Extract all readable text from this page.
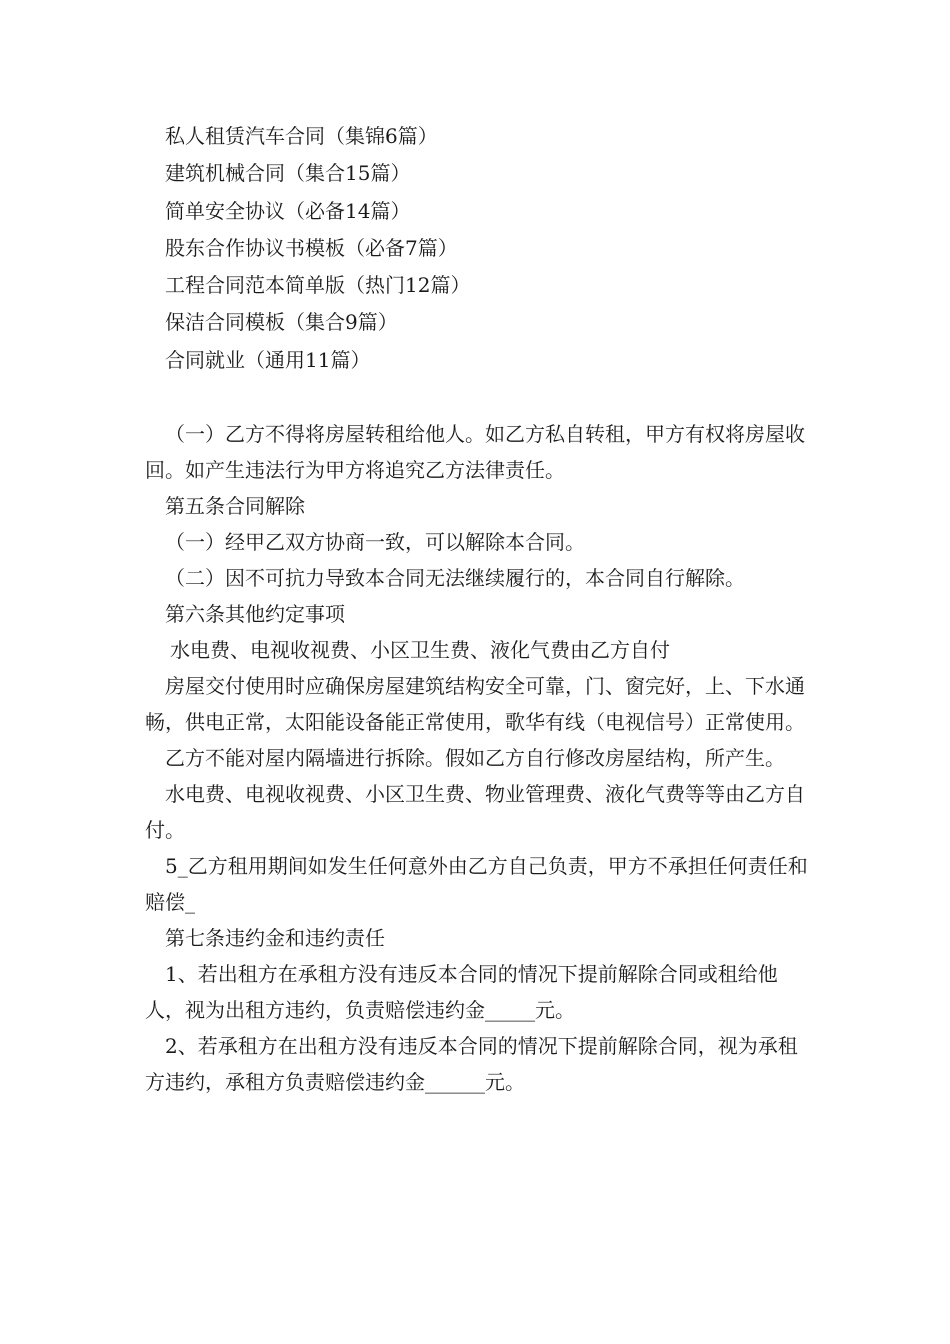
私人租赁汽车合同（集锦6篇）
建筑机械合同（集合15篇）
简单安全协议（必备14篇）
股东合作协议书模板（必备7篇）
工程合同范本简单版（热门12篇）
保洁合同模板（集合9篇）
合同就业（通用11篇）

（一）乙方不得将房屋转租给他人。如乙方私自转租，甲方有权将房屋收回。如产生违法行为甲方将追究乙方法律责任。

第五条合同解除

（一）经甲乙双方协商一致，可以解除本合同。

（二）因不可抗力导致本合同无法继续履行的，本合同自行解除。

第六条其他约定事项

水电费、电视收视费、小区卫生费、液化气费由乙方自付

房屋交付使用时应确保房屋建筑结构安全可靠，门、窗完好，上、下水通畅，供电正常，太阳能设备能正常使用，歌华有线（电视信号）正常使用。

乙方不能对屋内隔墙进行拆除。假如乙方自行修改房屋结构，所产生。

水电费、电视收视费、小区卫生费、物业管理费、液化气费等等由乙方自付。

5_乙方租用期间如发生任何意外由乙方自己负责，甲方不承担任何责任和赔偿_

第七条违约金和违约责任

1、若出租方在承租方没有违反本合同的情况下提前解除合同或租给他人，视为出租方违约，负责赔偿违约金_____元。

2、若承租方在出租方没有违反本合同的情况下提前解除合同，视为承租方违约，承租方负责赔偿违约金______元。
